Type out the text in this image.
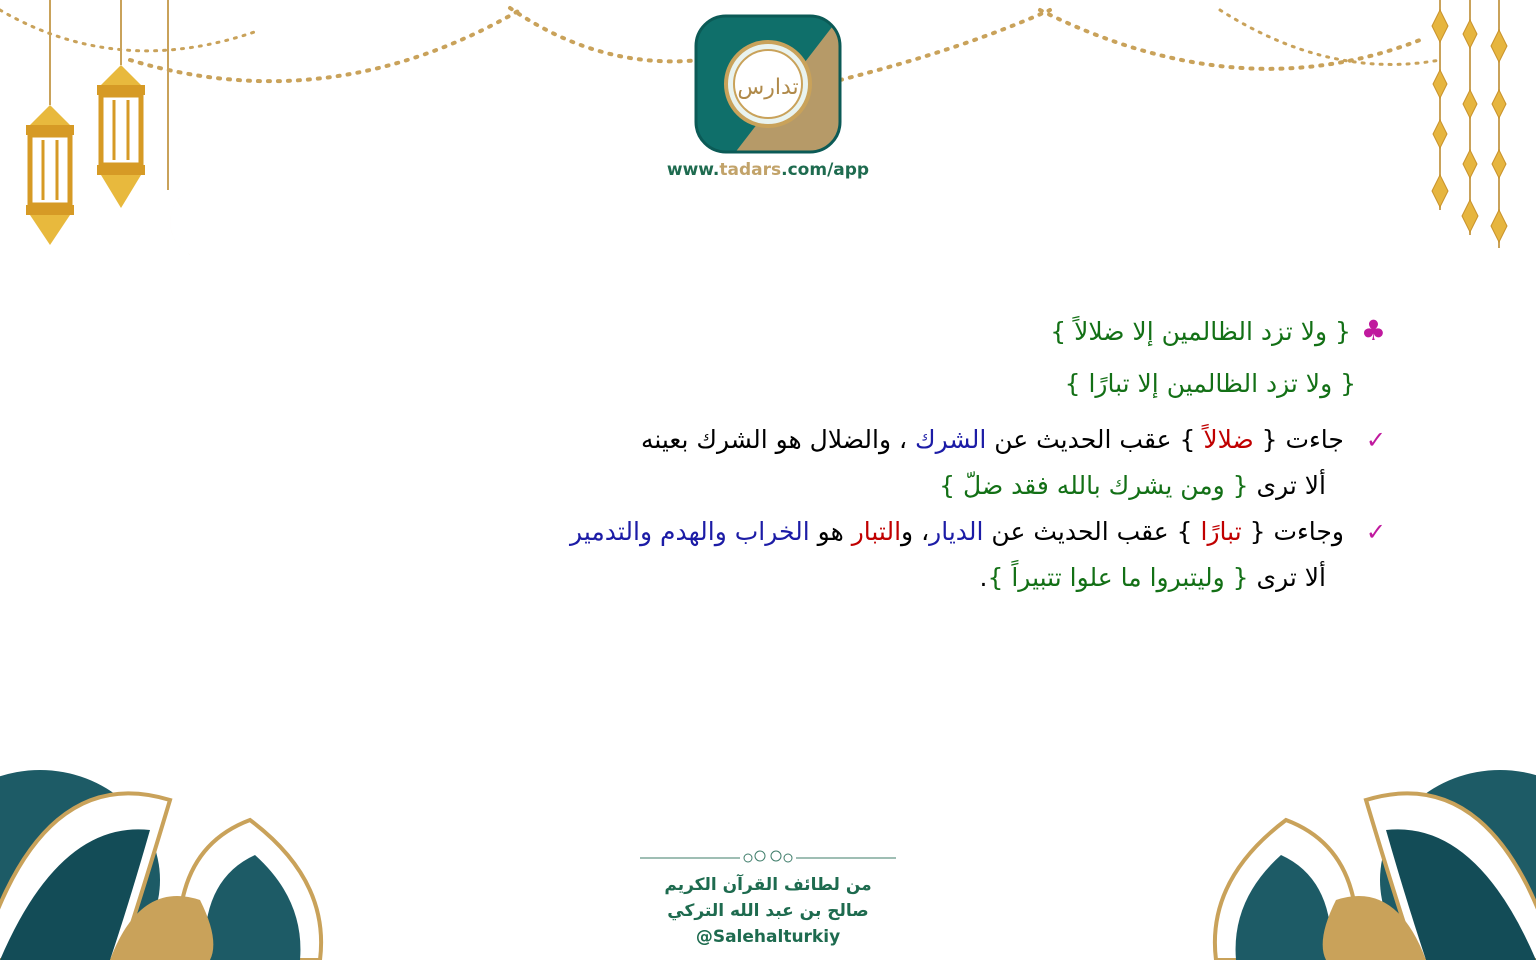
تدارس
www.tadars.com/app
♣{ ولا تزد الظالمين إلا ضلالاً }
{ ولا تزد الظالمين إلا تبارًا }
✓جاءت { ضلالاً } عقب الحديث عن الشرك ، والضلال هو الشرك بعينه
ألا ترى { ومن يشرك بالله فقد ضلّ }
✓وجاءت { تبارًا } عقب الحديث عن الديار، والتبار هو الخراب والهدم والتدمير
ألا ترى { وليتبروا ما علوا تتبيراً }.
من لطائف القرآن الكريم
صالح بن عبد الله التركي
@Salehalturkiy
